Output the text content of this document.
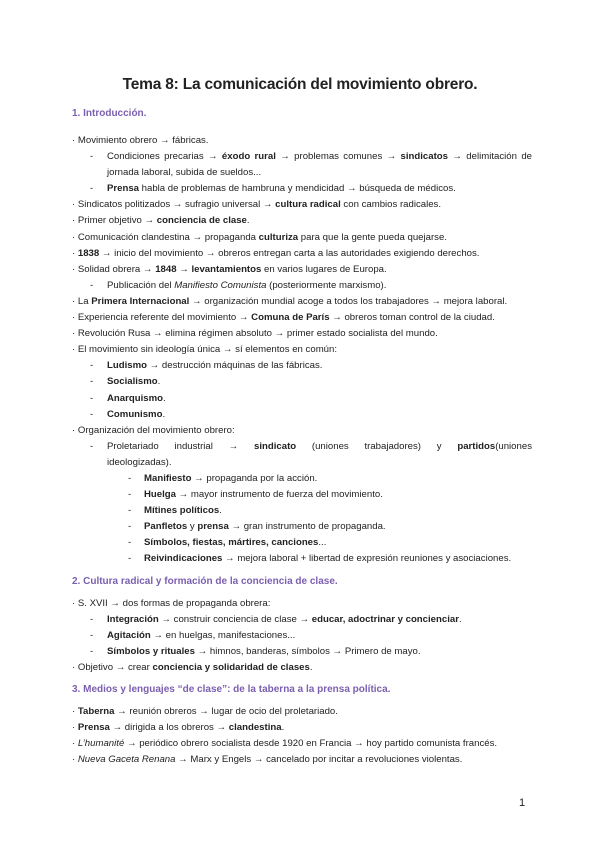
Tema 8: La comunicación del movimiento obrero.

1. Introducción.

· Movimiento obrero → fábricas.

- Condiciones precarias → éxodo rural → problemas comunes → sindicatos → delimitación de jornada laboral, subida de sueldos...

- Prensa habla de problemas de hambruna y mendicidad → búsqueda de médicos.

· Sindicatos politizados → sufragio universal → cultura radical con cambios radicales.

· Primer objetivo → conciencia de clase.

· Comunicación clandestina → propaganda culturiza para que la gente pueda quejarse.

· 1838 → inicio del movimiento → obreros entregan carta a las autoridades exigiendo derechos.

· Solidad obrera → 1848 → levantamientos en varios lugares de Europa.

- Publicación del Manifiesto Comunista (posteriormente marxismo).

· La Primera Internacional → organización mundial acoge a todos los trabajadores → mejora laboral.

· Experiencia referente del movimiento → Comuna de París → obreros toman control de la ciudad.

· Revolución Rusa → elimina régimen absoluto → primer estado socialista del mundo.

· El movimiento sin ideología única → sí elementos en común:

- Ludismo → destrucción máquinas de las fábricas.

- Socialismo.

- Anarquismo.

- Comunismo.

· Organización del movimiento obrero:

- Proletariado industrial → sindicato (uniones trabajadores) y partidos(uniones ideologizadas).

- Manifiesto → propaganda por la acción.

- Huelga → mayor instrumento de fuerza del movimiento.

- Mítines políticos.

- Panfletos y prensa → gran instrumento de propaganda.

- Símbolos, fiestas, mártires, canciones...

- Reivindicaciones → mejora laboral + libertad de expresión reuniones y asociaciones.

2. Cultura radical y formación de la conciencia de clase.

· S. XVII → dos formas de propaganda obrera:

- Integración → construir conciencia de clase → educar, adoctrinar y concienciar.

- Agitación → en huelgas, manifestaciones...

- Símbolos y rituales → himnos, banderas, símbolos → Primero de mayo.

· Objetivo → crear conciencia y solidaridad de clases.

3. Medios y lenguajes “de clase”: de la taberna a la prensa política.

· Taberna → reunión obreros → lugar de ocio del proletariado.

· Prensa → dirigida a los obreros → clandestina.

· L’humanité → periódico obrero socialista desde 1920 en Francia → hoy partido comunista francés.

· Nueva Gaceta Renana → Marx y Engels → cancelado por incitar a revoluciones violentas.

1
